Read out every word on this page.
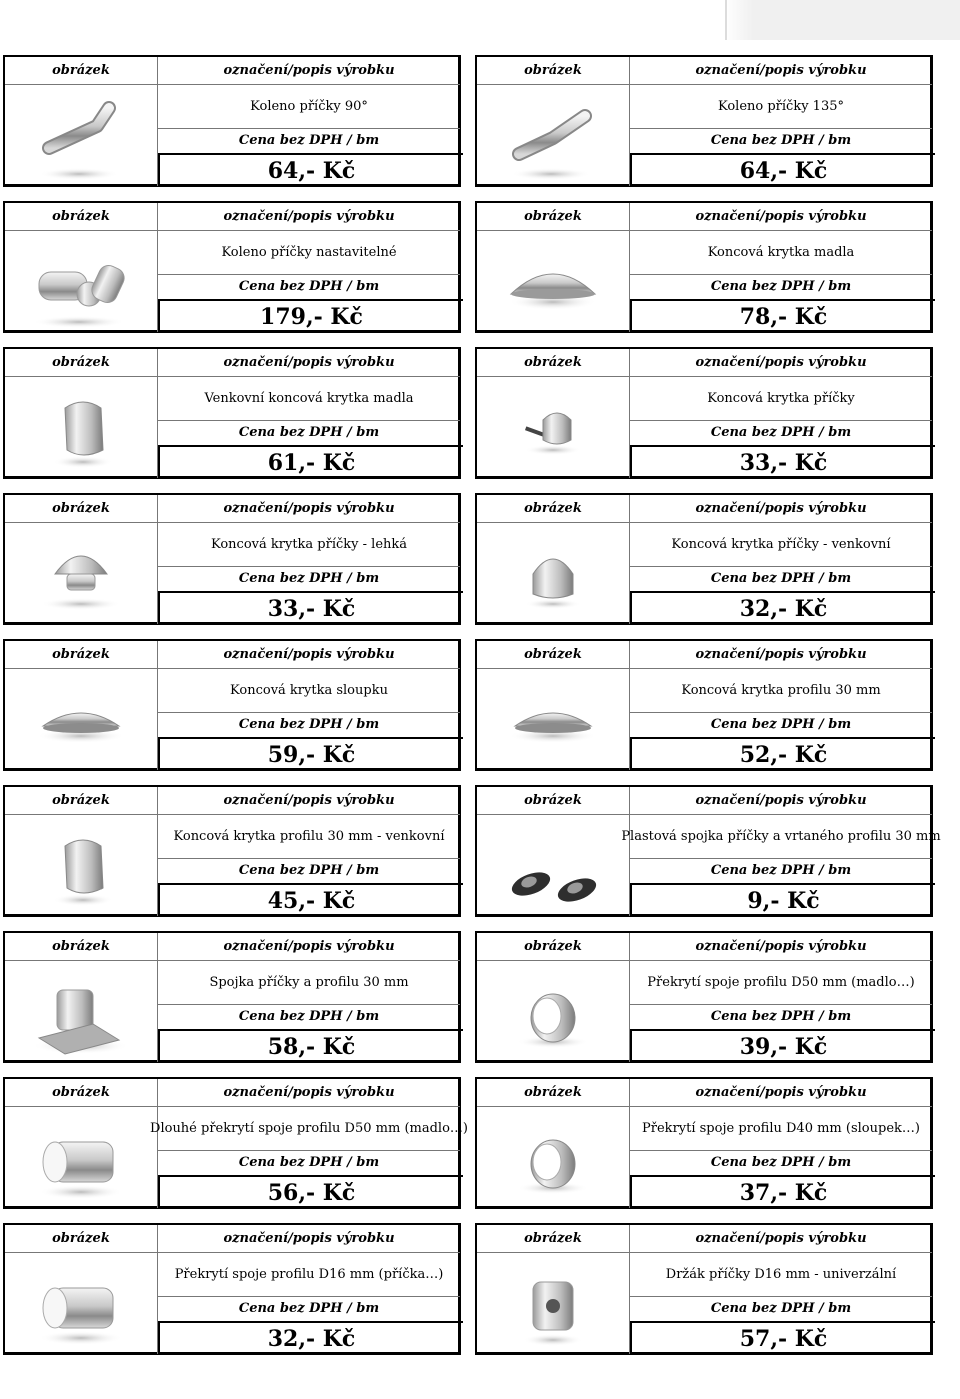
obrázek	označení/popis výrobku
Koleno příčky 90°
Cena bez DPH / bm
64,- Kč
obrázek	označení/popis výrobku
Koleno příčky 135°
Cena bez DPH / bm
64,- Kč
obrázek	označení/popis výrobku
Koleno příčky nastavitelné
Cena bez DPH / bm
179,- Kč
obrázek	označení/popis výrobku
Koncová krytka madla
Cena bez DPH / bm
78,- Kč
obrázek	označení/popis výrobku
Venkovní koncová krytka madla
Cena bez DPH / bm
61,- Kč
obrázek	označení/popis výrobku
Koncová krytka příčky
Cena bez DPH / bm
33,- Kč
obrázek	označení/popis výrobku
Koncová krytka příčky - lehká
Cena bez DPH / bm
33,- Kč
obrázek	označení/popis výrobku
Koncová krytka příčky - venkovní
Cena bez DPH / bm
32,- Kč
obrázek	označení/popis výrobku
Koncová krytka sloupku
Cena bez DPH / bm
59,- Kč
obrázek	označení/popis výrobku
Koncová krytka profilu 30 mm
Cena bez DPH / bm
52,- Kč
obrázek	označení/popis výrobku
Koncová krytka profilu 30 mm - venkovní
Cena bez DPH / bm
45,- Kč
obrázek	označení/popis výrobku
Plastová spojka příčky a vrtaného profilu 30 mm
Cena bez DPH / bm
9,- Kč
obrázek	označení/popis výrobku
Spojka příčky a profilu 30 mm
Cena bez DPH / bm
58,- Kč
obrázek	označení/popis výrobku
Překrytí spoje profilu D50 mm (madlo…)
Cena bez DPH / bm
39,- Kč
obrázek	označení/popis výrobku
Dlouhé překrytí spoje profilu D50 mm (madlo…)
Cena bez DPH / bm
56,- Kč
obrázek	označení/popis výrobku
Překrytí spoje profilu D40 mm (sloupek…)
Cena bez DPH / bm
37,- Kč
obrázek	označení/popis výrobku
Překrytí spoje profilu D16 mm (příčka…)
Cena bez DPH / bm
32,- Kč
obrázek	označení/popis výrobku
Držák příčky D16 mm - univerzální
Cena bez DPH / bm
57,- Kč
